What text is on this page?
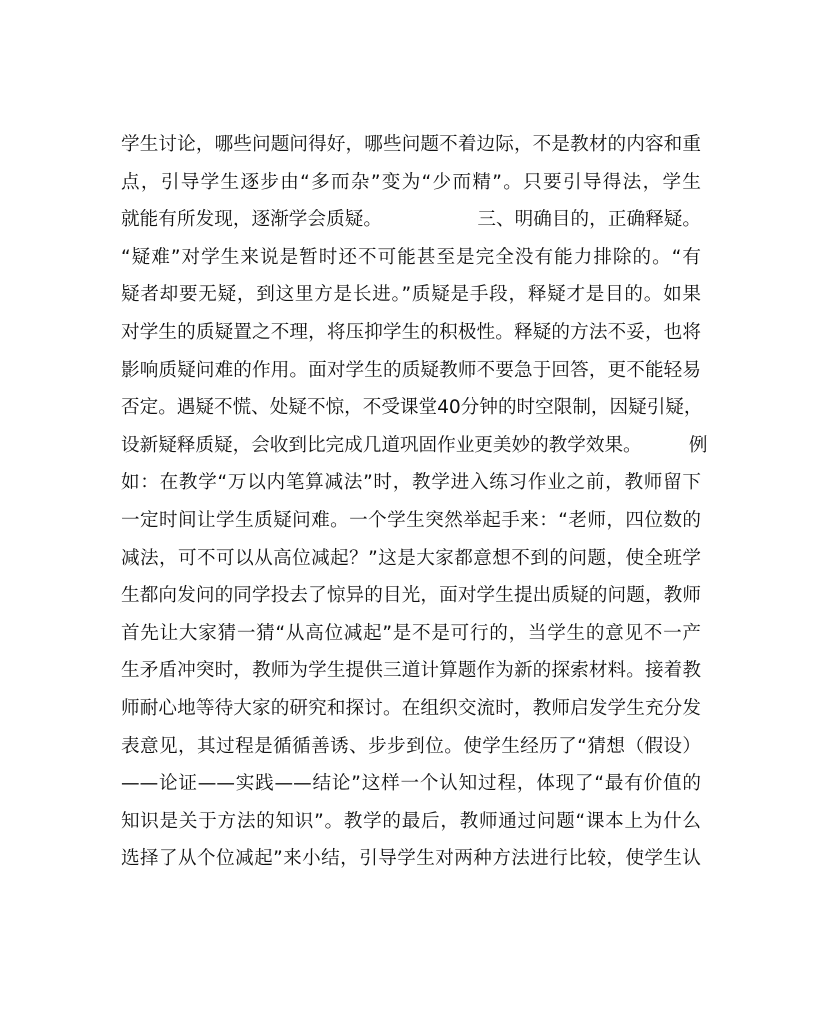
学生讨论，哪些问题问得好，哪些问题不着边际，不是教材的内容和重
点，引导学生逐步由“多而杂”变为“少而精”。只要引导得法，学生
就能有所发现，逐渐学会质疑。                三、明确目的，正确释疑。
“疑难”对学生来说是暂时还不可能甚至是完全没有能力排除的。“有
疑者却要无疑，到这里方是长进。”质疑是手段，释疑才是目的。如果
对学生的质疑置之不理，将压抑学生的积极性。释疑的方法不妥，也将
影响质疑问难的作用。面对学生的质疑教师不要急于回答，更不能轻易
否定。遇疑不慌、处疑不惊，不受课堂40分钟的时空限制，因疑引疑，
设新疑释质疑，会收到比完成几道巩固作业更美妙的教学效果。        例
如：在教学“万以内笔算减法”时，教学进入练习作业之前，教师留下
一定时间让学生质疑问难。一个学生突然举起手来：“老师，四位数的
减法，可不可以从高位减起？”这是大家都意想不到的问题，使全班学
生都向发问的同学投去了惊异的目光，面对学生提出质疑的问题，教师
首先让大家猜一猜“从高位减起”是不是可行的，当学生的意见不一产
生矛盾冲突时，教师为学生提供三道计算题作为新的探索材料。接着教
师耐心地等待大家的研究和探讨。在组织交流时，教师启发学生充分发
表意见，其过程是循循善诱、步步到位。使学生经历了“猜想（假设）
——论证——实践——结论”这样一个认知过程，体现了“最有价值的
知识是关于方法的知识”。教学的最后，教师通过问题“课本上为什么
选择了从个位减起”来小结，引导学生对两种方法进行比较，使学生认
